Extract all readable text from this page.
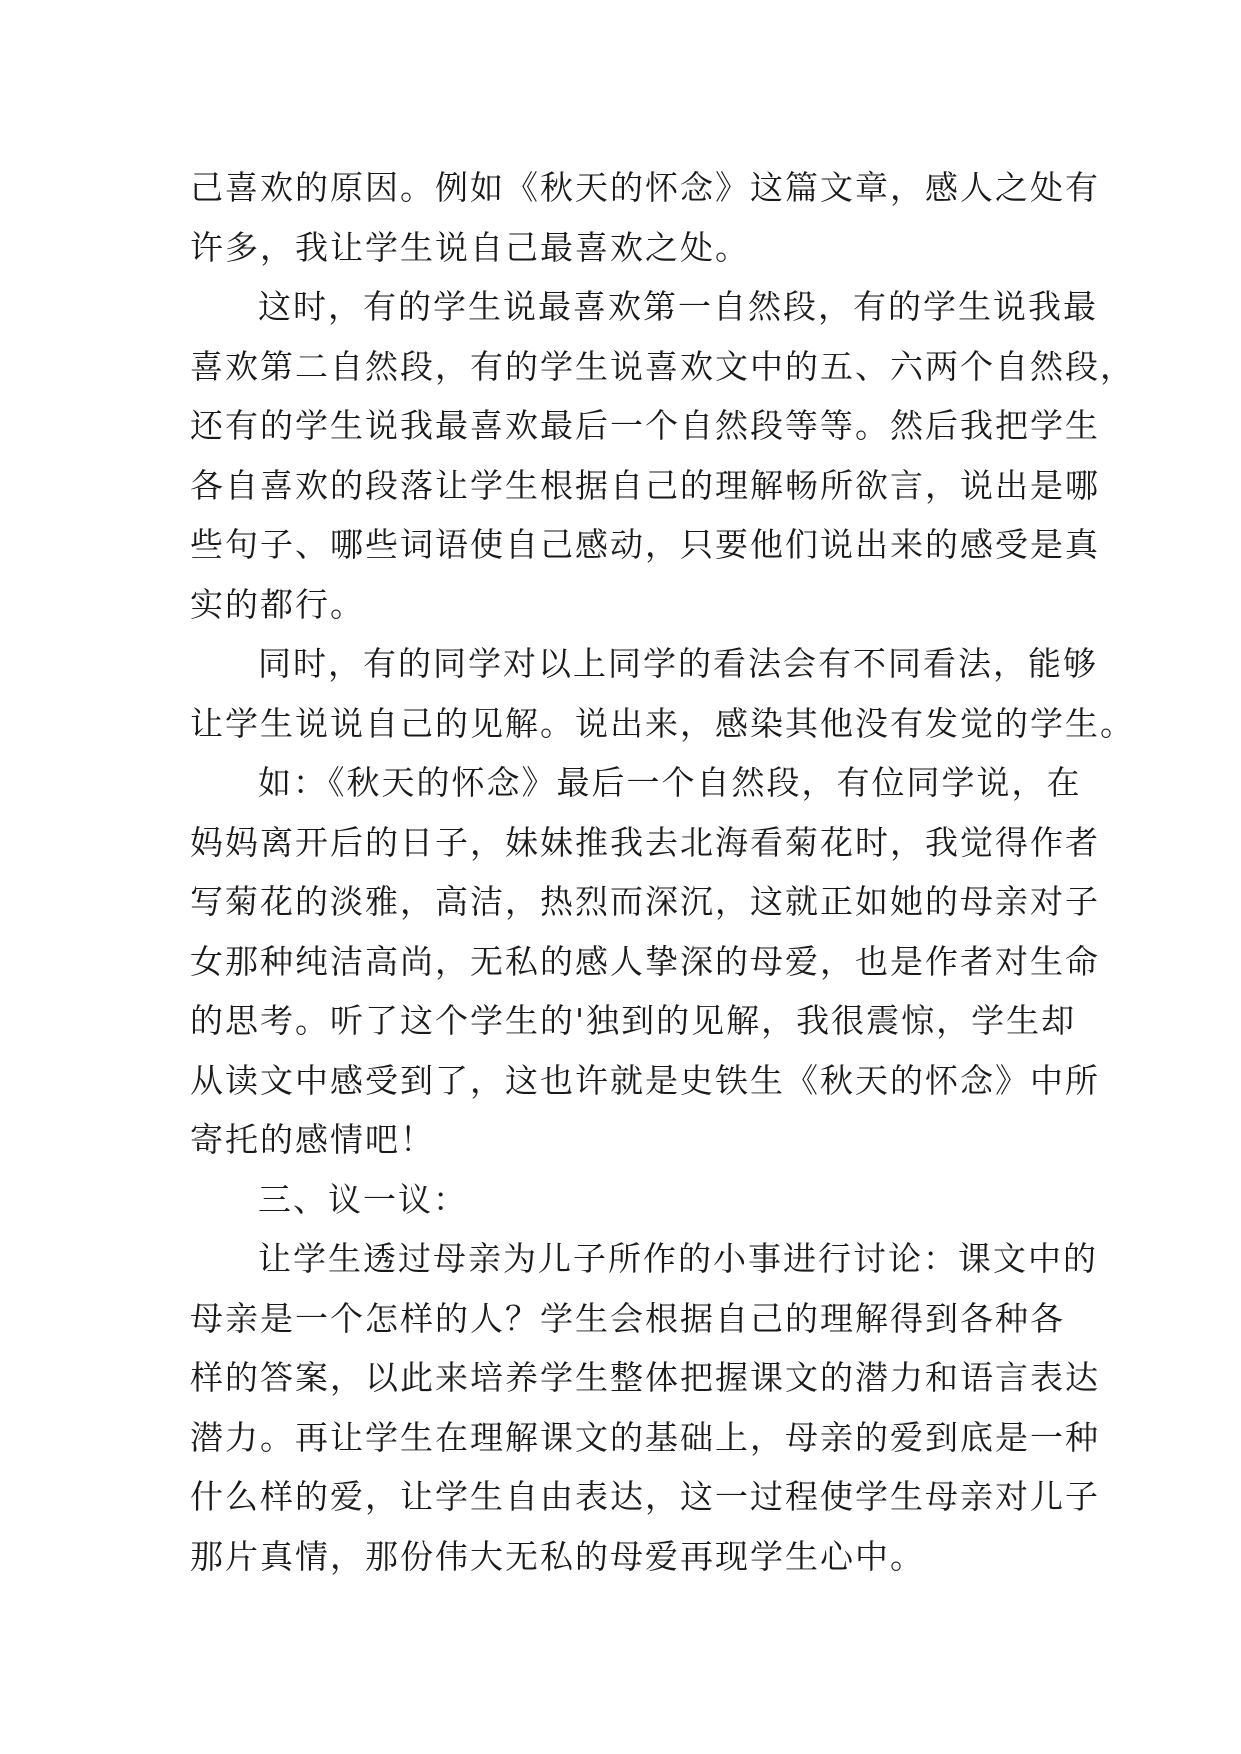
己喜欢的原因。例如《秋天的怀念》这篇文章，感人之处有
许多，我让学生说自己最喜欢之处。
这时，有的学生说最喜欢第一自然段，有的学生说我最
喜欢第二自然段，有的学生说喜欢文中的五、六两个自然段，
还有的学生说我最喜欢最后一个自然段等等。然后我把学生
各自喜欢的段落让学生根据自己的理解畅所欲言，说出是哪
些句子、哪些词语使自己感动，只要他们说出来的感受是真
实的都行。
同时，有的同学对以上同学的看法会有不同看法，能够
让学生说说自己的见解。说出来，感染其他没有发觉的学生。
如：《秋天的怀念》最后一个自然段，有位同学说，在
妈妈离开后的日子，妹妹推我去北海看菊花时，我觉得作者
写菊花的淡雅，高洁，热烈而深沉，这就正如她的母亲对子
女那种纯洁高尚，无私的感人挚深的母爱，也是作者对生命
的思考。听了这个学生的'独到的见解，我很震惊，学生却
从读文中感受到了，这也许就是史铁生《秋天的怀念》中所
寄托的感情吧！
三、议一议：
让学生透过母亲为儿子所作的小事进行讨论：课文中的
母亲是一个怎样的人？学生会根据自己的理解得到各种各
样的答案，以此来培养学生整体把握课文的潜力和语言表达
潜力。再让学生在理解课文的基础上，母亲的爱到底是一种
什么样的爱，让学生自由表达，这一过程使学生母亲对儿子
那片真情，那份伟大无私的母爱再现学生心中。
